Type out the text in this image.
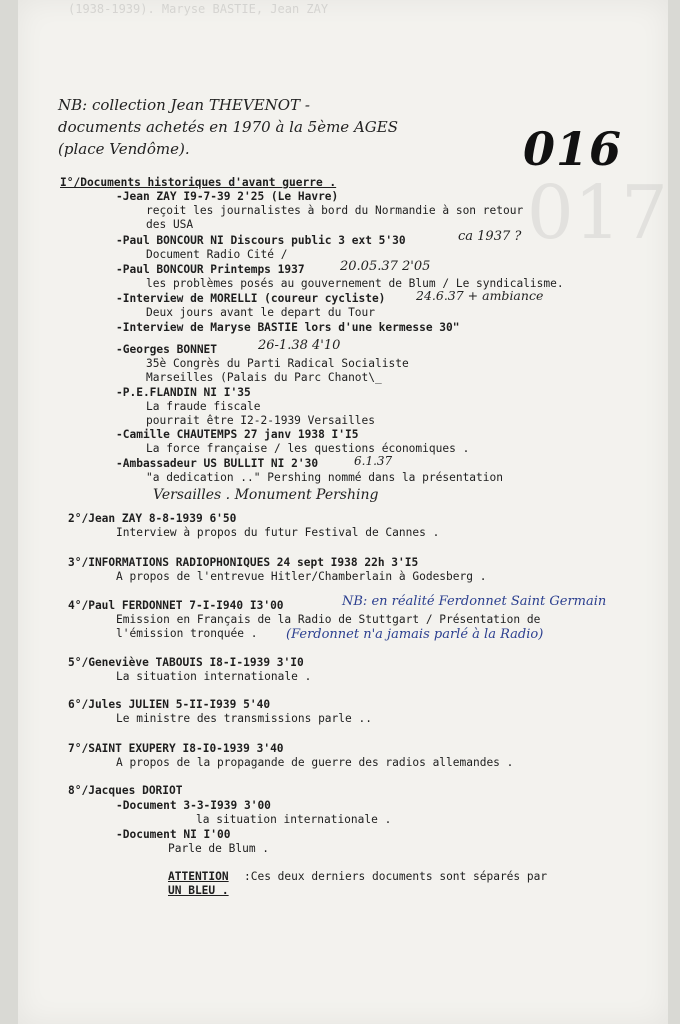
(1938-1939). Maryse BASTIE, Jean ZAY
017
NB: collection Jean THEVENOT -
documents achetés en 1970 à la 5ème AGES
(place Vendôme).	016
I°/Documents historiques d'avant guerre .
-Jean ZAY I9-7-39 2'25 (Le Havre)
reçoit les journalistes à bord du Normandie à son retour
des USA
-Paul BONCOUR NI Discours public 3 ext 5'30	ca 1937 ?
Document Radio Cité /
-Paul BONCOUR Printemps 1937	20.05.37 2'05
les problèmes posés au gouvernement de Blum / Le syndicalisme.
-Interview de MORELLI (coureur cycliste) 24.6.37 + ambiance
Deux jours avant le depart du Tour
-Interview de Maryse BASTIE lors d'une kermesse 30"
-Georges BONNET	26-1.38 4'10
35è Congrès du Parti Radical Socialiste
Marseilles (Palais du Parc Chanot\_
-P.E.FLANDIN NI I'35
La fraude fiscale
pourrait être I2-2-1939 Versailles
-Camille CHAUTEMPS 27 janv 1938 I'I5
La force française / les questions économiques .
-Ambassadeur US BULLIT NI 2'30	6.1.37
"a dedication .." Pershing nommé dans la présentation
Versailles . Monument Pershing
2°/Jean ZAY 8-8-1939 6'50
Interview à propos du futur Festival de Cannes .
3°/INFORMATIONS RADIOPHONIQUES 24 sept I938 22h 3'I5
A propos de l'entrevue Hitler/Chamberlain à Godesberg .
4°/Paul FERDONNET 7-I-I940 I3'00	NB: en réalité Ferdonnet Saint Germain
Emission en Français de la Radio de Stuttgart / Présentation de
l'émission tronquée . (Ferdonnet n'a jamais parlé à la Radio)
5°/Geneviève TABOUIS I8-I-1939 3'I0
La situation internationale .
6°/Jules JULIEN 5-II-I939 5'40
Le ministre des transmissions parle ..
7°/SAINT EXUPERY I8-I0-1939 3'40
A propos de la propagande de guerre des radios allemandes .
8°/Jacques DORIOT
-Document 3-3-I939 3'00
la situation internationale .
-Document NI I'00
Parle de Blum .
ATTENTION :Ces deux derniers documents sont séparés par
UN BLEU .
